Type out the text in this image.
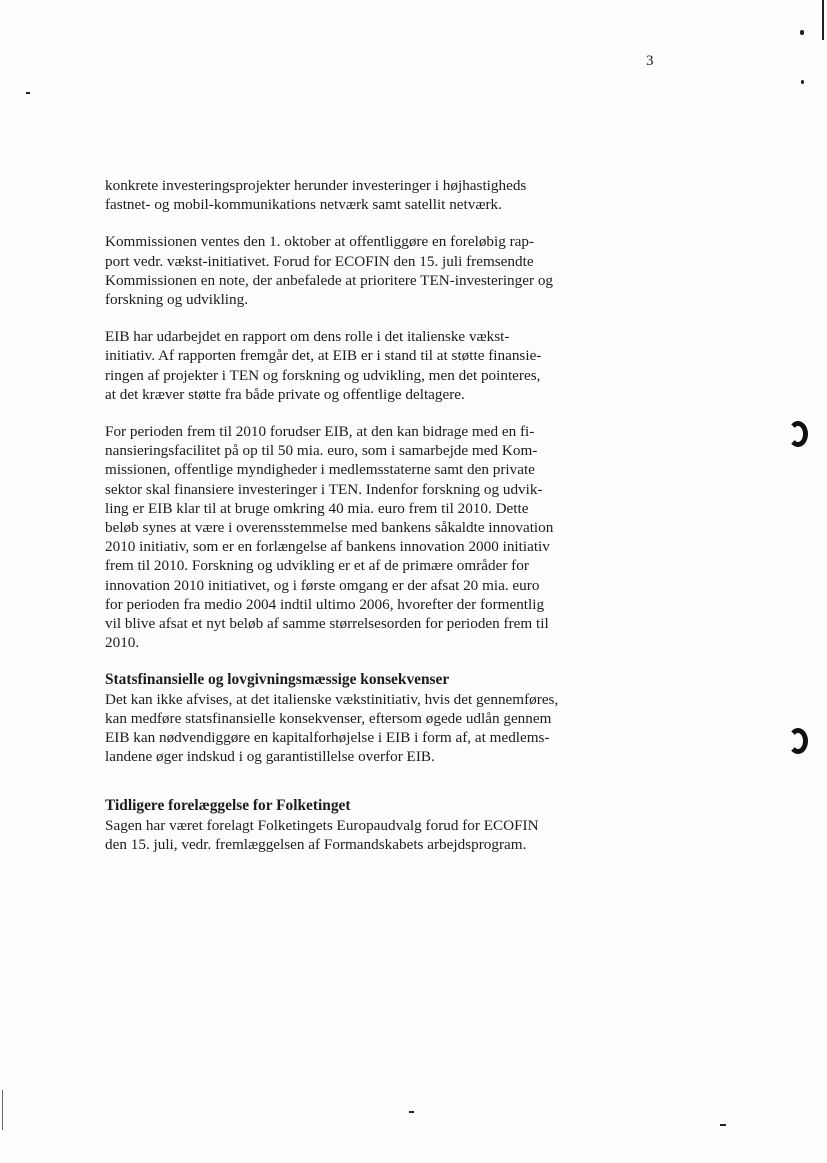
3

konkrete investeringsprojekter herunder investeringer i højhastigheds
fastnet- og mobil-kommunikations netværk samt satellit netværk.

Kommissionen ventes den 1. oktober at offentliggøre en foreløbig rap-
port vedr. vækst-initiativet. Forud for ECOFIN den 15. juli fremsendte
Kommissionen en note, der anbefalede at prioritere TEN-investeringer og
forskning og udvikling.

EIB har udarbejdet en rapport om dens rolle i det italienske vækst-
initiativ. Af rapporten fremgår det, at EIB er i stand til at støtte finansie-
ringen af projekter i TEN og forskning og udvikling, men det pointeres,
at det kræver støtte fra både private og offentlige deltagere.

For perioden frem til 2010 forudser EIB, at den kan bidrage med en fi-
nansieringsfacilitet på op til 50 mia. euro, som i samarbejde med Kom-
missionen, offentlige myndigheder i medlemsstaterne samt den private
sektor skal finansiere investeringer i TEN. Indenfor forskning og udvik-
ling er EIB klar til at bruge omkring 40 mia. euro frem til 2010. Dette
beløb synes at være i overensstemmelse med bankens såkaldte innovation
2010 initiativ, som er en forlængelse af bankens innovation 2000 initiativ
frem til 2010. Forskning og udvikling er et af de primære områder for
innovation 2010 initiativet, og i første omgang er der afsat 20 mia. euro
for perioden fra medio 2004 indtil ultimo 2006, hvorefter der formentlig
vil blive afsat et nyt beløb af samme størrelsesorden for perioden frem til
2010.

Statsfinansielle og lovgivningsmæssige konsekvenser

Det kan ikke afvises, at det italienske vækstinitiativ, hvis det gennemføres,
kan medføre statsfinansielle konsekvenser, eftersom øgede udlån gennem
EIB kan nødvendiggøre en kapitalforhøjelse i EIB i form af, at medlems-
landene øger indskud i og garantistillelse overfor EIB.

Tidligere forelæggelse for Folketinget

Sagen har været forelagt Folketingets Europaudvalg forud for ECOFIN
den 15. juli, vedr. fremlæggelsen af Formandskabets arbejdsprogram.
